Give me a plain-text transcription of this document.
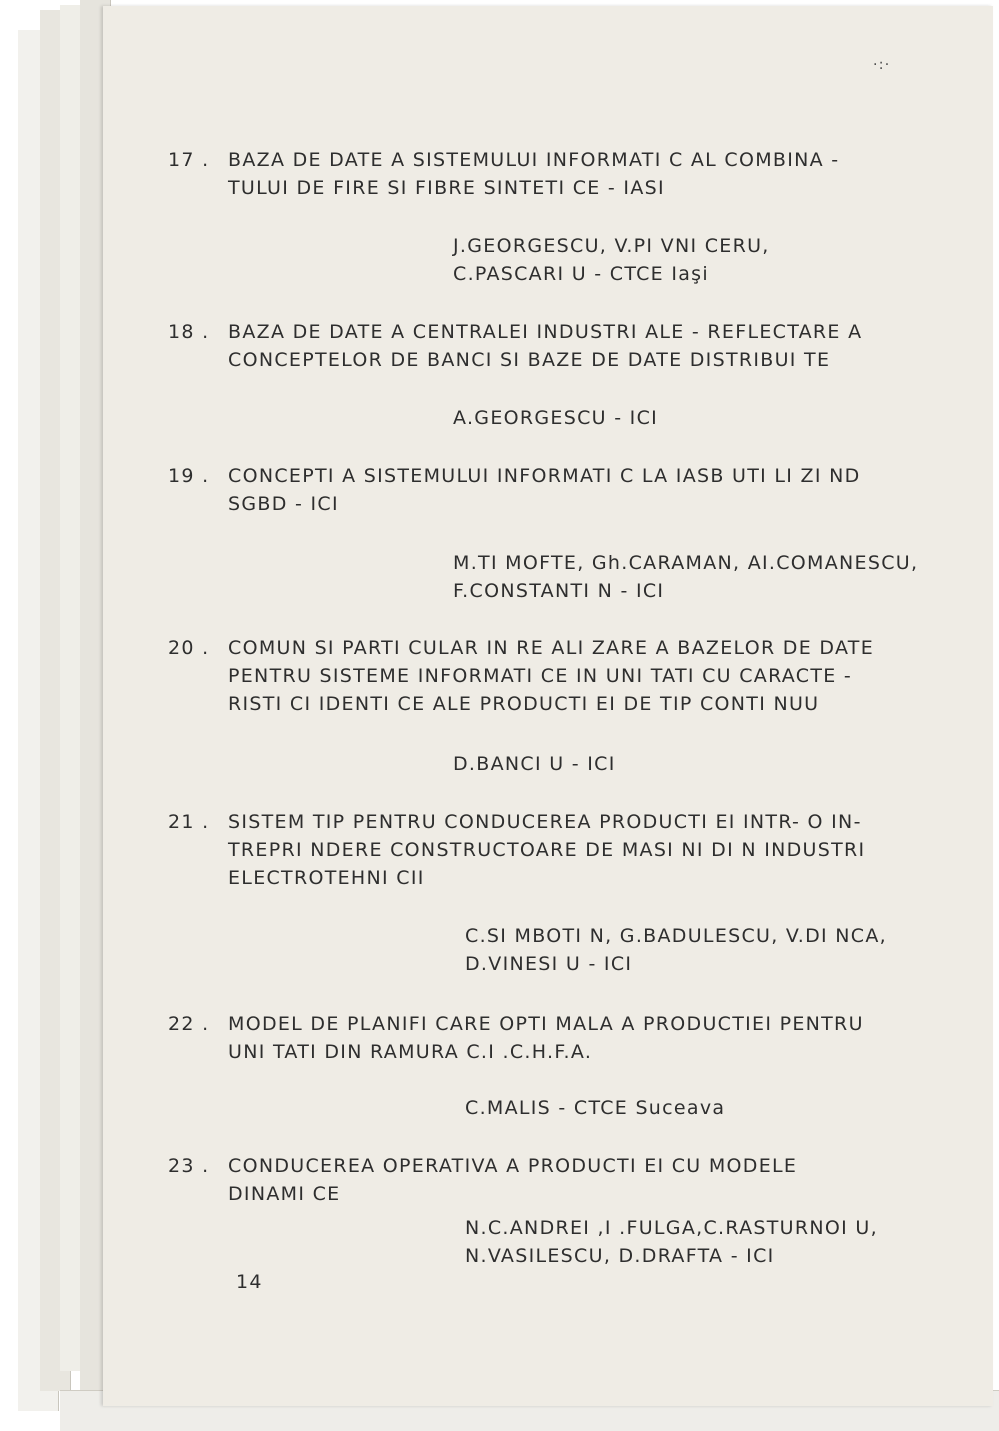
·:·
17 . BAZA DE DATE A SISTEMULUI INFORMATI C AL COMBINA -
TULUI DE FIRE SI FIBRE SINTETI CE - IASI
J.GEORGESCU, V.PI VNI CERU,
C.PASCARI U - CTCE Iaşi
18 . BAZA DE DATE A CENTRALEI INDUSTRI ALE - REFLECTARE A
CONCEPTELOR DE BANCI SI BAZE DE DATE DISTRIBUI TE
A.GEORGESCU - ICI
19 . CONCEPTI A SISTEMULUI INFORMATI C LA IASB UTI LI ZI ND
SGBD - ICI
M.TI MOFTE, Gh.CARAMAN, AI.COMANESCU,
F.CONSTANTI N - ICI
20 . COMUN SI PARTI CULAR IN RE ALI ZARE A BAZELOR DE DATE
PENTRU SISTEME INFORMATI CE IN UNI TATI CU CARACTE -
RISTI CI IDENTI CE ALE PRODUCTI EI DE TIP CONTI NUU
D.BANCI U - ICI
21 . SISTEM TIP PENTRU CONDUCEREA PRODUCTI EI INTR- O IN-
TREPRI NDERE CONSTRUCTOARE DE MASI NI DI N INDUSTRI
ELECTROTEHNI CII
C.SI MBOTI N, G.BADULESCU, V.DI NCA,
D.VINESI U - ICI
22 . MODEL DE PLANIFI CARE OPTI MALA A PRODUCTIEI PENTRU
UNI TATI DIN RAMURA C.I .C.H.F.A.
C.MALIS - CTCE Suceava
23 . CONDUCEREA OPERATIVA A PRODUCTI EI CU MODELE
DINAMI CE
N.C.ANDREI ,I .FULGA,C.RASTURNOI U,
N.VASILESCU, D.DRAFTA - ICI
14
